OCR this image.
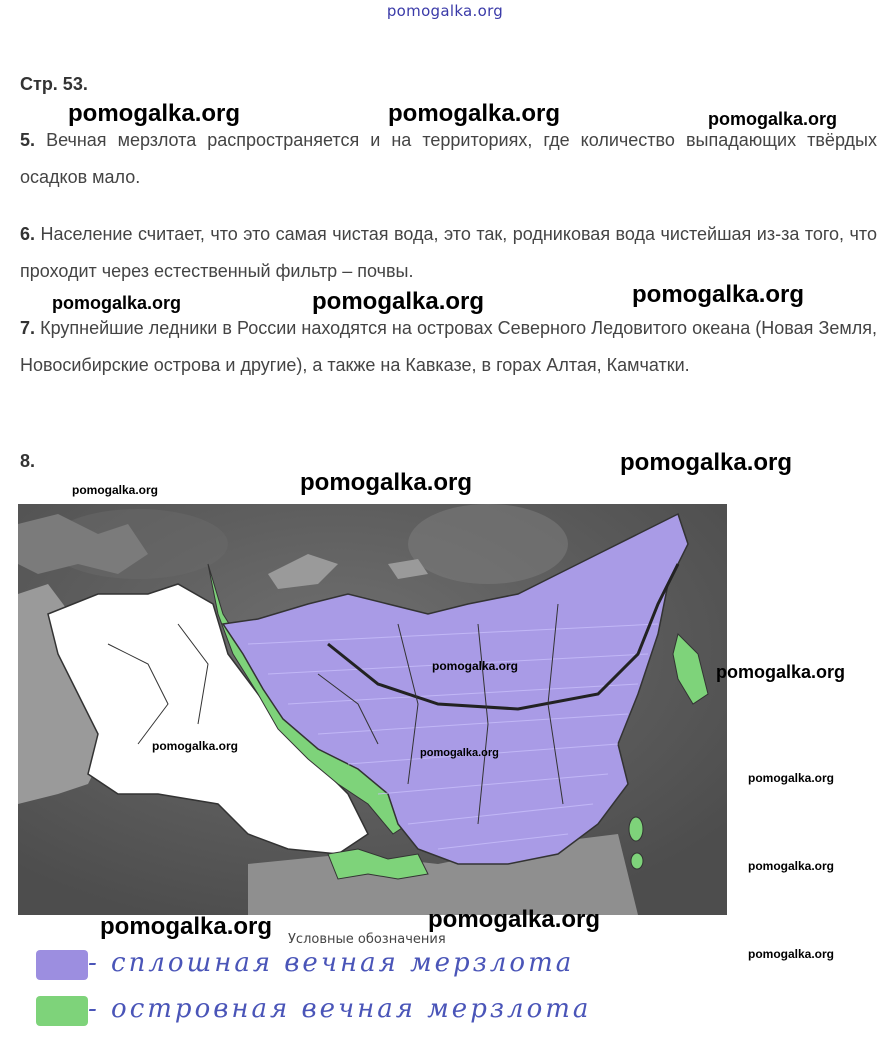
pomogalka.org
Стр. 53.
5. Вечная мерзлота распространяется и на территориях, где количество выпадающих твёрдых осадков мало.
6. Население считает, что это самая чистая вода, это так, родниковая вода чистейшая из-за того, что проходит через естественный фильтр – почвы.
7. Крупнейшие ледники в России находятся на островах Северного Ледовитого океана (Новая Земля, Новосибирские острова и другие), а также на Кавказе, в горах Алтая, Камчатки.
8.
Условные обозначения
- сплошная вечная мерзлота
- островная вечная мерзлота
pomogalka.org	pomogalka.org	pomogalka.org
pomogalka.org	pomogalka.org	pomogalka.org
pomogalka.org
pomogalka.org	pomogalka.org
pomogalka.org	pomogalka.org
pomogalka.org	pomogalka.org
pomogalka.org
pomogalka.org
pomogalka.org	pomogalka.org
pomogalka.org
